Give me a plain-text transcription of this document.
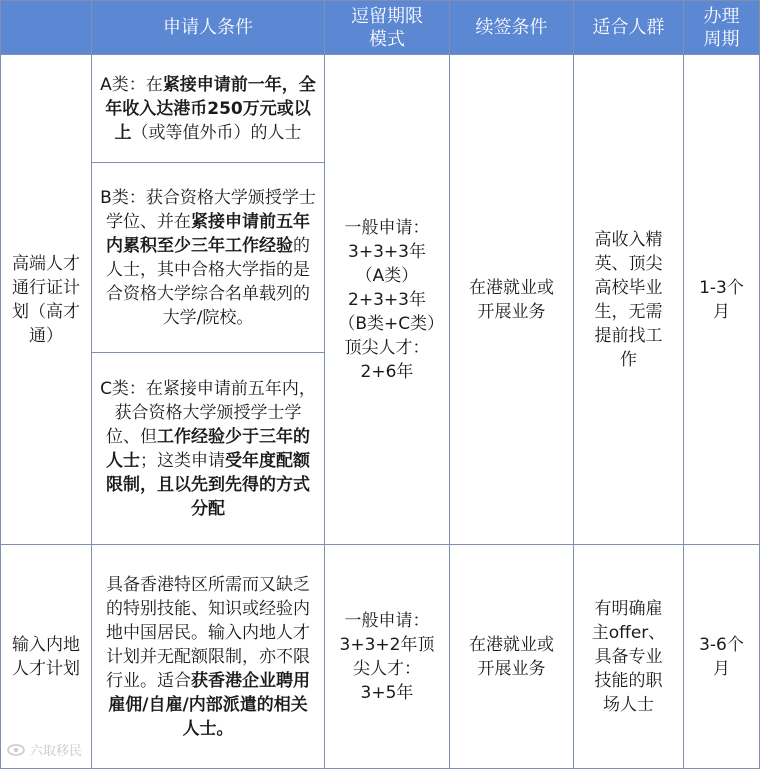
	申请人条件	逗留期限模式	续签条件	适合人群	办理周期
高端人才通行证计划（高才通）	A类：在紧接申请前一年，全年收入达港币250万元或以上（或等值外币）的人士	一般申请：3+3+3年（A类）2+3+3年（B类+C类）顶尖人才：2+6年	在港就业或开展业务	高收入精英、顶尖高校毕业生，无需提前找工作	1-3个月
	B类：获合资格大学颁授学士学位、并在紧接申请前五年内累积至少三年工作经验的人士，其中合格大学指的是合资格大学综合名单载列的大学/院校。				
	C类：在紧接申请前五年内，获合资格大学颁授学士学位、但工作经验少于三年的人士；这类申请受年度配额限制，且以先到先得的方式分配				
输入内地人才计划	具备香港特区所需而又缺乏的特别技能、知识或经验内地中国居民。输入内地人才计划并无配额限制，亦不限行业。适合获香港企业聘用雇佣/自雇/内部派遣的相关人士。	一般申请：3+3+2年顶尖人才：3+5年	在港就业或开展业务	有明确雇主offer、具备专业技能的职场人士	3-6个月
六取移民
